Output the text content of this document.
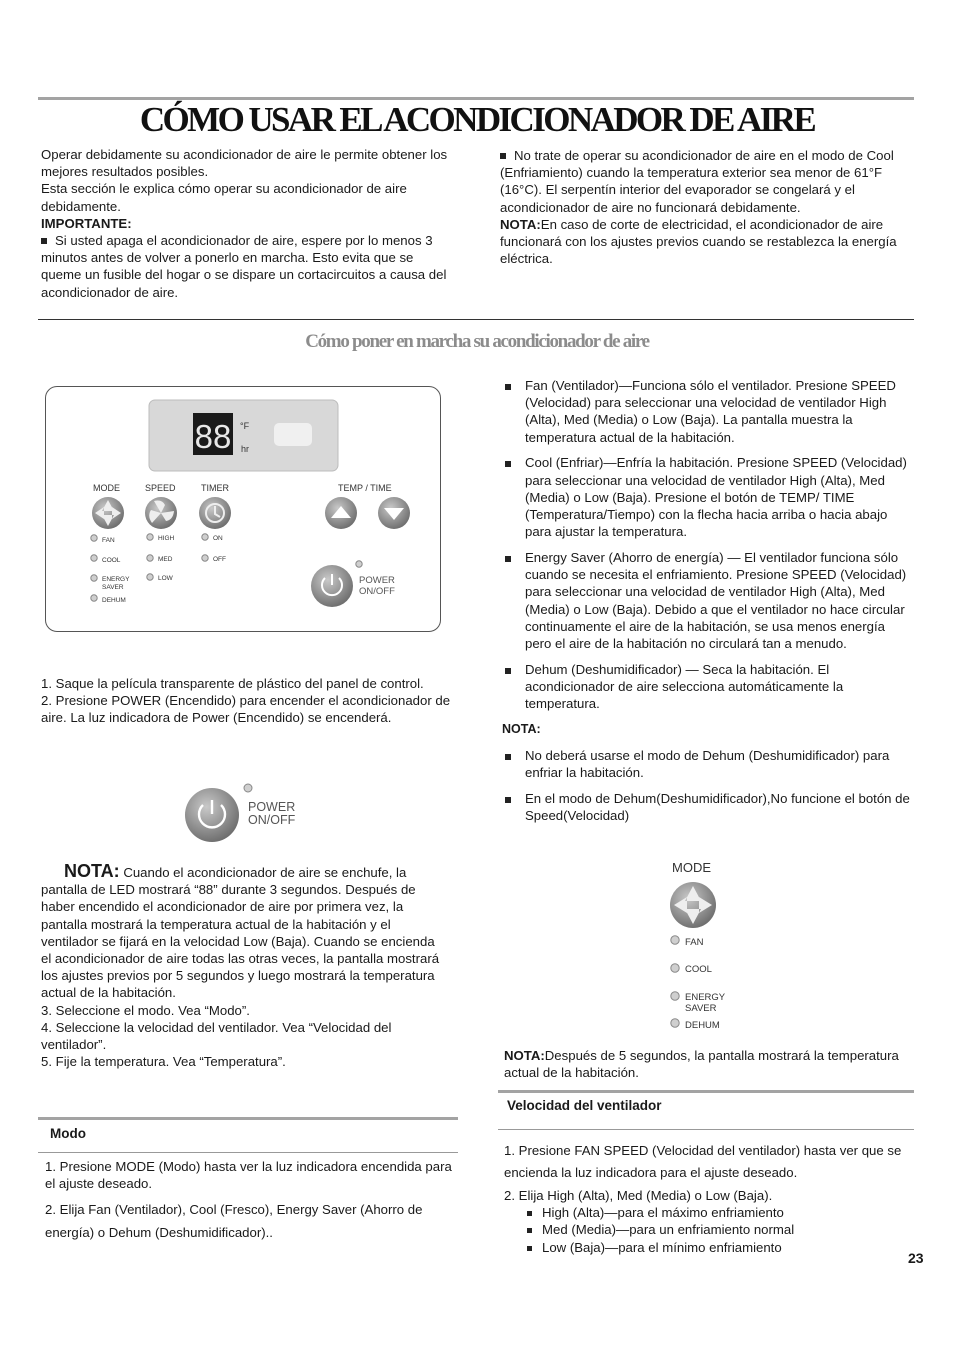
CÓMO USAR EL ACONDICIONADOR DE AIRE

Operar debidamente su acondicionador de aire le permite obtener los mejores resultados posibles.

Esta sección le explica cómo operar su acondicionador de aire debidamente.

IMPORTANTE:

Si usted apaga el acondicionador de aire, espere por lo menos 3 minutos antes de volver a ponerlo en marcha. Esto evita que se queme un fusible del hogar o se dispare un cortacircuitos a causa del acondicionador de aire.

No trate de operar su acondicionador de aire en el modo de Cool (Enfriamiento) cuando la temperatura exterior sea menor de 61°F (16°C). El serpentín interior del evaporador se congelará y el acondicionador de aire no funcionará debidamente.

NOTA:En caso de corte de electricidad, el acondicionador de aire funcionará con los ajustes previos cuando se restablezca la energía eléctrica.

Cómo poner en marcha su acondicionador de aire
88 °F
hr
MODE	SPEED	TIMER	TEMP / TIME
FAN
COOL
ENERGY
SAVER
DEHUM
HIGH
MED
LOW
ON
OFF
POWER
ON/OFF

1. Saque la película transparente de plástico del panel de control.

2. Presione POWER (Encendido) para encender el acondicionador de aire. La luz indicadora de Power (Encendido) se encenderá.

POWER
ON/OFF

NOTA: Cuando el acondicionador de aire se enchufe, la pantalla de LED mostrará “88” durante 3 segundos. Después de haber encendido el acondicionador de aire por primera vez, la pantalla mostrará la temperatura actual de la habitación y el ventilador se fijará en la velocidad Low (Baja). Cuando se encienda el acondicionador de aire todas las otras veces, la pantalla mostrará los ajustes previos por 5 segundos y luego mostrará la temperatura actual de la habitación.

3. Seleccione el modo. Vea “Modo”.

4. Seleccione la velocidad del ventilador. Vea “Velocidad del ventilador”.

5. Fije la temperatura. Vea “Temperatura”.

Modo

1. Presione MODE (Modo) hasta ver la luz indicadora encendida para el ajuste deseado.

2. Elija Fan (Ventilador), Cool (Fresco), Energy Saver (Ahorro de energía) o Dehum (Deshumidificador)..

Fan (Ventilador)—Funciona sólo el ventilador. Presione SPEED (Velocidad) para seleccionar una velocidad de ventilador High (Alta), Med (Media) o Low (Baja). La pantalla muestra la temperatura actual de la habitación.
Cool (Enfriar)—Enfría la habitación. Presione SPEED (Velocidad) para seleccionar una velocidad de ventilador High (Alta), Med (Media) o Low (Baja). Presione el botón de TEMP/ TIME (Temperatura/Tiempo) con la flecha hacia arriba o hacia abajo para ajustar la temperatura.
Energy Saver (Ahorro de energía) — El ventilador funciona sólo cuando se necesita el enfriamiento. Presione SPEED (Velocidad) para seleccionar una velocidad de ventilador High (Alta), Med (Media) o Low (Baja). Debido a que el ventilador no hace circular continuamente el aire de la habitación, se usa menos energía pero el aire de la habitación no circulará tan a menudo.
Dehum (Deshumidificador) — Seca la habitación. El acondicionador de aire selecciona automáticamente la temperatura.

NOTA:

No deberá usarse el modo de Dehum (Deshumidificador) para enfriar la habitación.
En el modo de Dehum(Deshumidificador),No funcione el botón de Speed(Velocidad)
MODE
FAN
COOL
ENERGY
SAVER
DEHUM

NOTA:Después de 5 segundos, la pantalla mostrará la temperatura actual de la habitación.

Velocidad del ventilador

1. Presione FAN SPEED (Velocidad del ventilador) hasta ver que se encienda la luz indicadora para el ajuste deseado.

2. Elija High (Alta), Med (Media) o Low (Baja).

High (Alta)—para el máximo enfriamiento
Med (Media)—para un enfriamiento normal
Low (Baja)—para el mínimo enfriamiento
23
